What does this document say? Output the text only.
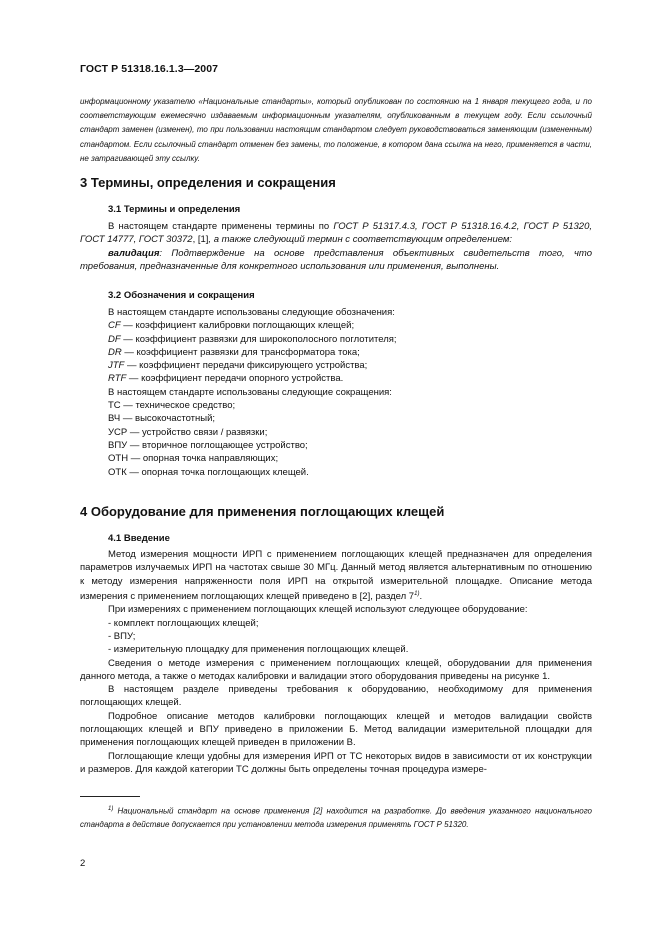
ГОСТ Р 51318.16.1.3—2007

информационному указателю «Национальные стандарты», который опубликован по состоянию на 1 января текущего года, и по соответствующим ежемесячно издаваемым информационным указателям, опубликованным в текущем году. Если ссылочный стандарт заменен (изменен), то при пользовании настоящим стандартом следует руководствоваться заменяющим (измененным) стандартом. Если ссылочный стандарт отменен без замены, то положение, в котором дана ссылка на него, применяется в части, не затрагивающей эту ссылку.

3 Термины, определения и сокращения
3.1 Термины и определения

В настоящем стандарте применены термины по ГОСТ Р 51317.4.3, ГОСТ Р 51318.16.4.2, ГОСТ Р 51320, ГОСТ 14777, ГОСТ 30372, [1], а также следующий термин с соответствующим определением:

валидация: Подтверждение на основе представления объективных свидетельств того, что требования, предназначенные для конкретного использования или применения, выполнены.

3.2 Обозначения и сокращения

В настоящем стандарте использованы следующие обозначения:

CF — коэффициент калибровки поглощающих клещей;

DF — коэффициент развязки для широкополосного поглотителя;

DR — коэффициент развязки для трансформатора тока;

JTF — коэффициент передачи фиксирующего устройства;

RTF — коэффициент передачи опорного устройства.

В настоящем стандарте использованы следующие сокращения:

ТС — техническое средство;

ВЧ — высокочастотный;

УСР — устройство связи / развязки;

ВПУ — вторичное поглощающее устройство;

ОТН — опорная точка направляющих;

ОТК — опорная точка поглощающих клещей.

4 Оборудование для применения поглощающих клещей
4.1 Введение

Метод измерения мощности ИРП с применением поглощающих клещей предназначен для определения параметров излучаемых ИРП на частотах свыше 30 МГц. Данный метод является альтернативным по отношению к методу измерения напряженности поля ИРП на открытой измерительной площадке. Описание метода измерения с применением поглощающих клещей приведено в [2], раздел 7$^{1)}$.

При измерениях с применением поглощающих клещей используют следующее оборудование:

- комплект поглощающих клещей;

- ВПУ;

- измерительную площадку для применения поглощающих клещей.

Сведения о методе измерения с применением поглощающих клещей, оборудовании для применения данного метода, а также о методах калибровки и валидации этого оборудования приведены на рисунке 1.

В настоящем разделе приведены требования к оборудованию, необходимому для применения поглощающих клещей.

Подробное описание методов калибровки поглощающих клещей и методов валидации свойств поглощающих клещей и ВПУ приведено в приложении Б. Метод валидации измерительной площадки для применения поглощающих клещей приведен в приложении В.

Поглощающие клещи удобны для измерения ИРП от ТС некоторых видов в зависимости от их конструкции и размеров. Для каждой категории ТС должны быть определены точная процедура измере-

$^{1)}$ Национальный стандарт на основе применения [2] находится на разработке. До введения указанного национального стандарта в действие допускается при установлении метода измерения применять ГОСТ Р 51320.

2
